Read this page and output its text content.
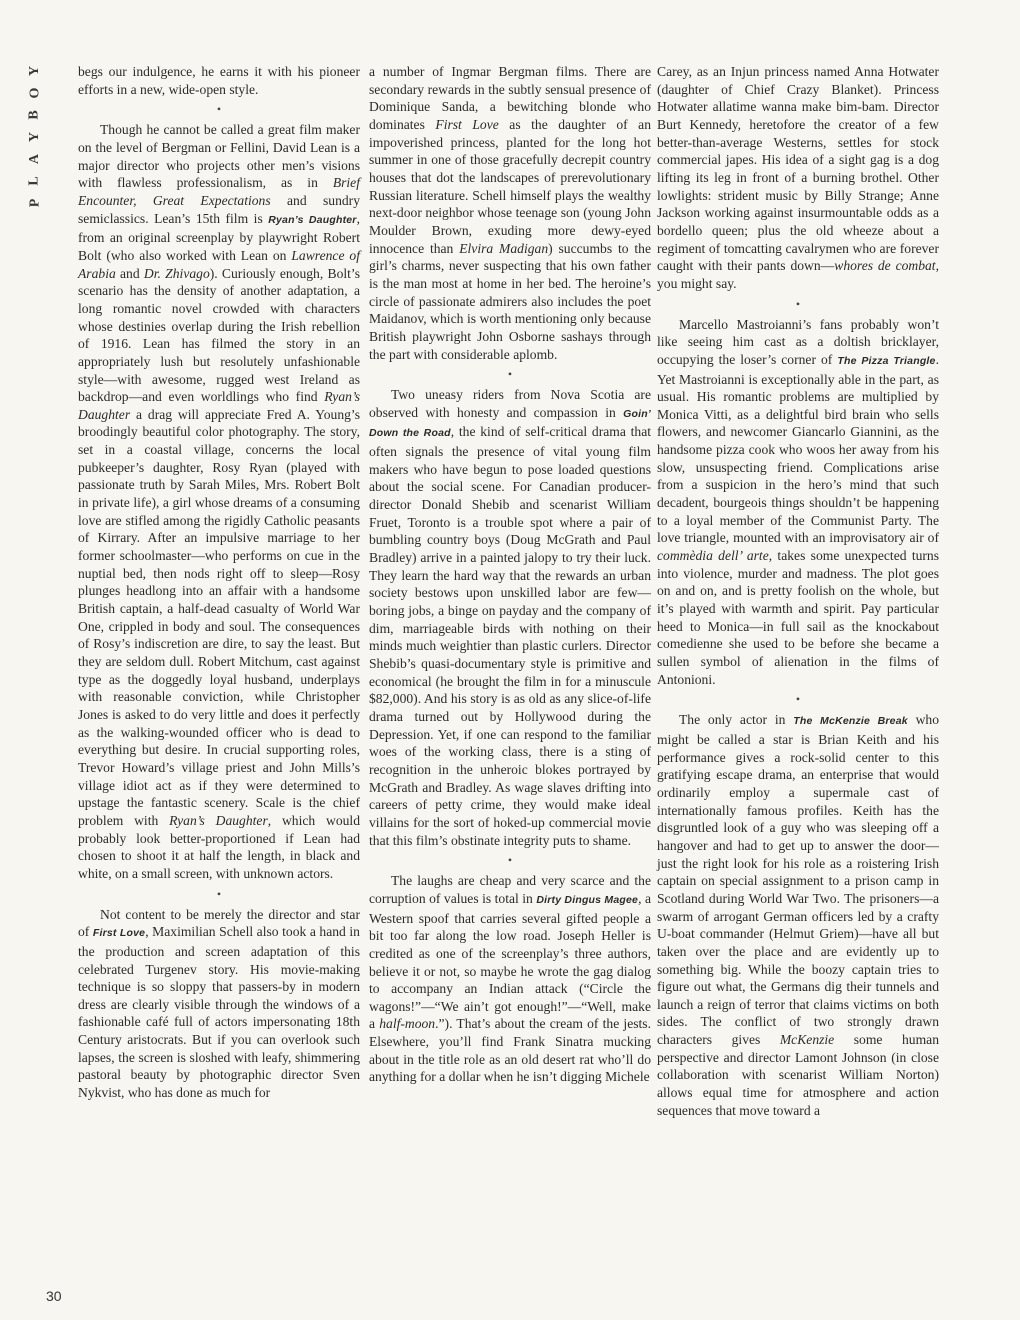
Y
O
B
Y
A
L
P

begs our indulgence, he earns it with his pioneer efforts in a new, wide-open style.

•

Though he cannot be called a great film maker on the level of Bergman or Fellini, David Lean is a major director who projects other men’s visions with flawless professionalism, as in Brief Encounter, Great Expectations and sundry semiclassics. Lean’s 15th film is Ryan’s Daughter, from an original screenplay by playwright Robert Bolt (who also worked with Lean on Lawrence of Arabia and Dr. Zhivago). Curiously enough, Bolt’s scenario has the density of another adaptation, a long romantic novel crowded with characters whose destinies overlap during the Irish rebellion of 1916. Lean has filmed the story in an appropriately lush but resolutely unfashionable style—with awesome, rugged west Ireland as backdrop—and even worldlings who find Ryan’s Daughter a drag will appreciate Fred A. Young’s broodingly beautiful color photography. The story, set in a coastal village, concerns the local pubkeeper’s daughter, Rosy Ryan (played with passionate truth by Sarah Miles, Mrs. Robert Bolt in private life), a girl whose dreams of a consuming love are stifled among the rigidly Catholic peasants of Kirrary. After an impulsive marriage to her former schoolmaster—who performs on cue in the nuptial bed, then nods right off to sleep—Rosy plunges headlong into an affair with a handsome British captain, a half-dead casualty of World War One, crippled in body and soul. The consequences of Rosy’s indiscretion are dire, to say the least. But they are seldom dull. Robert Mitchum, cast against type as the doggedly loyal husband, underplays with reasonable conviction, while Christopher Jones is asked to do very little and does it perfectly as the walking-wounded officer who is dead to everything but desire. In crucial supporting roles, Trevor Howard’s village priest and John Mills’s village idiot act as if they were determined to upstage the fantastic scenery. Scale is the chief problem with Ryan’s Daughter, which would probably look better-proportioned if Lean had chosen to shoot it at half the length, in black and white, on a small screen, with unknown actors.

•

Not content to be merely the director and star of First Love, Maximilian Schell also took a hand in the production and screen adaptation of this celebrated Turgenev story. His movie-making technique is so sloppy that passers-by in modern dress are clearly visible through the windows of a fashionable café full of actors impersonating 18th Century aristocrats. But if you can overlook such lapses, the screen is sloshed with leafy, shimmering pastoral beauty by photographic director Sven Nykvist, who has done as much for

a number of Ingmar Bergman films. There are secondary rewards in the subtly sensual presence of Dominique Sanda, a bewitching blonde who dominates First Love as the daughter of an impoverished princess, planted for the long hot summer in one of those gracefully decrepit country houses that dot the landscapes of prerevolutionary Russian literature. Schell himself plays the wealthy next-door neighbor whose teenage son (young John Moulder Brown, exuding more dewy-eyed innocence than Elvira Madigan) succumbs to the girl’s charms, never suspecting that his own father is the man most at home in her bed. The heroine’s circle of passionate admirers also includes the poet Maidanov, which is worth mentioning only because British playwright John Osborne sashays through the part with considerable aplomb.

•

Two uneasy riders from Nova Scotia are observed with honesty and compassion in Goin’ Down the Road, the kind of self-critical drama that often signals the presence of vital young film makers who have begun to pose loaded questions about the social scene. For Canadian producer-director Donald Shebib and scenarist William Fruet, Toronto is a trouble spot where a pair of bumbling country boys (Doug McGrath and Paul Bradley) arrive in a painted jalopy to try their luck. They learn the hard way that the rewards an urban society bestows upon unskilled labor are few—boring jobs, a binge on payday and the company of dim, marriageable birds with nothing on their minds much weightier than plastic curlers. Director Shebib’s quasi-documentary style is primitive and economical (he brought the film in for a minuscule $82,000). And his story is as old as any slice-of-life drama turned out by Hollywood during the Depression. Yet, if one can respond to the familiar woes of the working class, there is a sting of recognition in the unheroic blokes portrayed by McGrath and Bradley. As wage slaves drifting into careers of petty crime, they would make ideal villains for the sort of hoked-up commercial movie that this film’s obstinate integrity puts to shame.

•

The laughs are cheap and very scarce and the corruption of values is total in Dirty Dingus Magee, a Western spoof that carries several gifted people a bit too far along the low road. Joseph Heller is credited as one of the screenplay’s three authors, believe it or not, so maybe he wrote the gag dialog to accompany an Indian attack (“Circle the wagons!”—“We ain’t got enough!”—“Well, make a half-moon.”). That’s about the cream of the jests. Elsewhere, you’ll find Frank Sinatra mucking about in the title role as an old desert rat who’ll do anything for a dollar when he isn’t digging Michele

Carey, as an Injun princess named Anna Hotwater (daughter of Chief Crazy Blanket). Princess Hotwater allatime wanna make bim-bam. Director Burt Kennedy, heretofore the creator of a few better-than-average Westerns, settles for stock commercial japes. His idea of a sight gag is a dog lifting its leg in front of a burning brothel. Other lowlights: strident music by Billy Strange; Anne Jackson working against insurmountable odds as a bordello queen; plus the old wheeze about a regiment of tomcatting cavalrymen who are forever caught with their pants down—whores de combat, you might say.

•

Marcello Mastroianni’s fans probably won’t like seeing him cast as a doltish bricklayer, occupying the loser’s corner of The Pizza Triangle. Yet Mastroianni is exceptionally able in the part, as usual. His romantic problems are multiplied by Monica Vitti, as a delightful bird brain who sells flowers, and newcomer Giancarlo Giannini, as the handsome pizza cook who woos her away from his slow, unsuspecting friend. Complications arise from a suspicion in the hero’s mind that such decadent, bourgeois things shouldn’t be happening to a loyal member of the Communist Party. The love triangle, mounted with an improvisatory air of commèdia dell’ arte, takes some unexpected turns into violence, murder and madness. The plot goes on and on, and is pretty foolish on the whole, but it’s played with warmth and spirit. Pay particular heed to Monica—in full sail as the knockabout comedienne she used to be before she became a sullen symbol of alienation in the films of Antonioni.

•

The only actor in The McKenzie Break who might be called a star is Brian Keith and his performance gives a rock-solid center to this gratifying escape drama, an enterprise that would ordinarily employ a supermale cast of internationally famous profiles. Keith has the disgruntled look of a guy who was sleeping off a hangover and had to get up to answer the door—just the right look for his role as a roistering Irish captain on special assignment to a prison camp in Scotland during World War Two. The prisoners—a swarm of arrogant German officers led by a crafty U-boat commander (Helmut Griem)—have all but taken over the place and are evidently up to something big. While the boozy captain tries to figure out what, the Germans dig their tunnels and launch a reign of terror that claims victims on both sides. The conflict of two strongly drawn characters gives McKenzie some human perspective and director Lamont Johnson (in close collaboration with scenarist William Norton) allows equal time for atmosphere and action sequences that move toward a

30
